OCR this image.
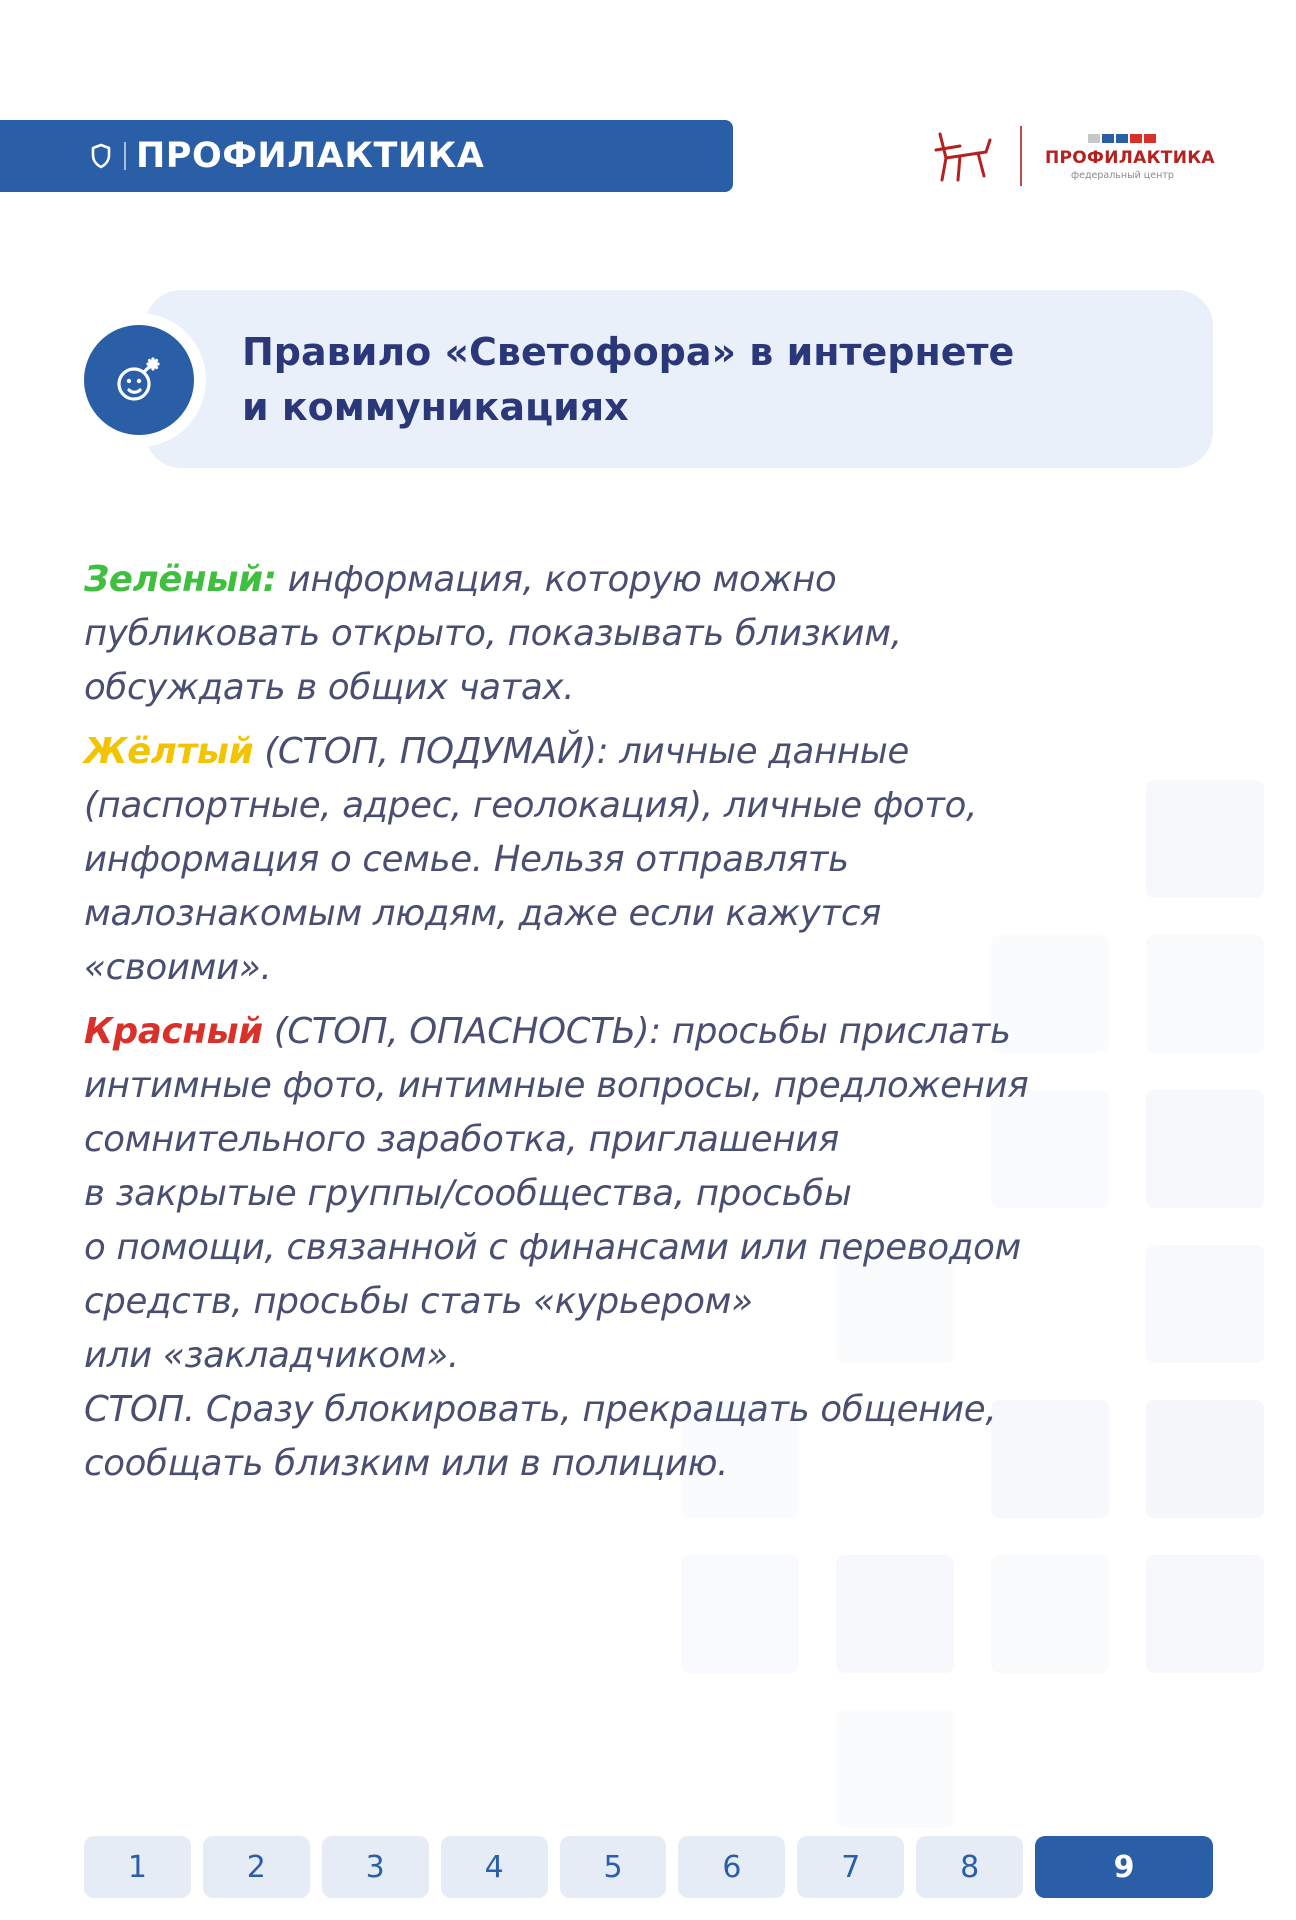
ПРОФИЛАКТИКА	ПРОФИЛАКТИКА
федеральный центр
Правило «Светофора» в интернете
и коммуникациях
Зелёный: информация, которую можно
публиковать открыто, показывать близким,
обсуждать в общих чатах.
Жёлтый (СТОП, ПОДУМАЙ): личные данные
(паспортные, адрес, геолокация), личные фото,
информация о семье. Нельзя отправлять
малознакомым людям, даже если кажутся
«своими».
Красный (СТОП, ОПАСНОСТЬ): просьбы прислать
интимные фото, интимные вопросы, предложения
сомнительного заработка, приглашения
в закрытые группы/сообщества, просьбы
о помощи, связанной с финансами или переводом
средств, просьбы стать «курьером»
или «закладчиком».
СТОП. Сразу блокировать, прекращать общение,
сообщать близким или в полицию.
1	2	3	4	5	6	7	8	9
